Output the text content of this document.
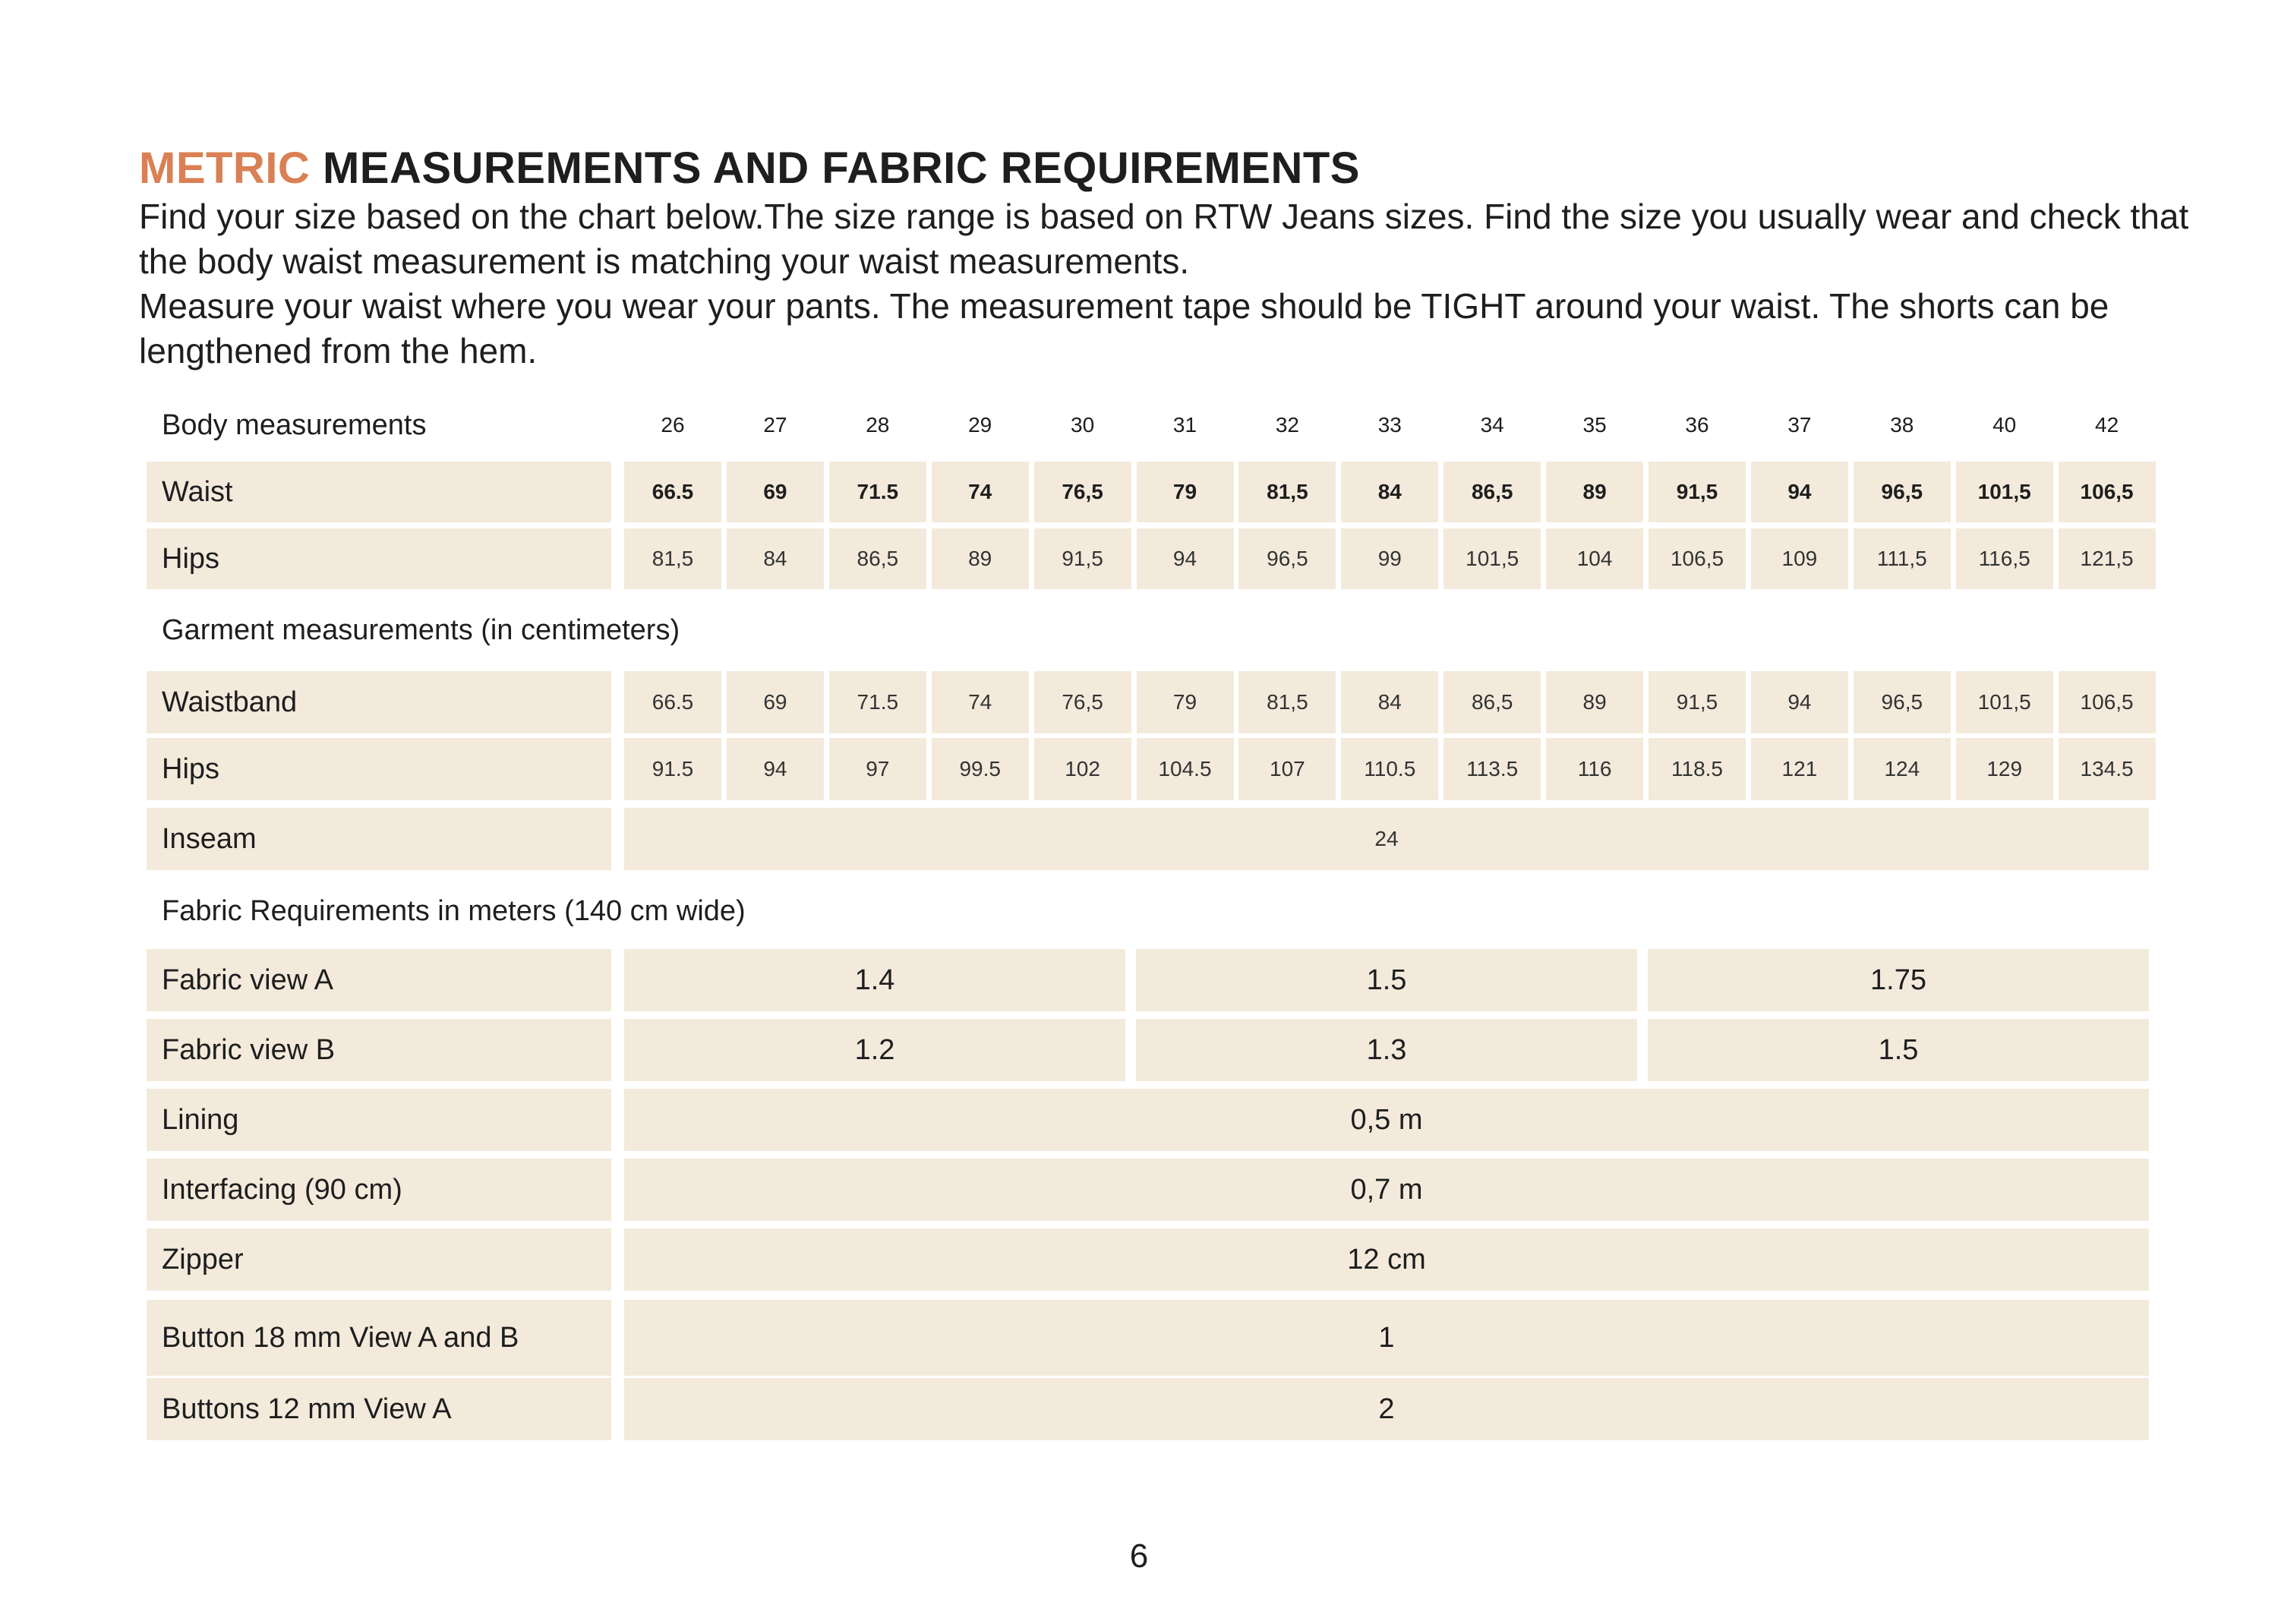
METRIC MEASUREMENTS AND FABRIC REQUIREMENTS

Find your size based on the chart below.The size range is based on RTW Jeans sizes. Find the size you usually wear and check that the body waist measurement is matching your waist measurements.

Measure your waist where you wear your pants. The measurement tape should be TIGHT around your waist. The shorts can be lengthened from the hem.

Body measurements	26	27	28	29	30	31	32	33	34	35	36	37	38	40	42
Waist	66.5	69	71.5	74	76,5	79	81,5	84	86,5	89	91,5	94	96,5	101,5	106,5
Hips	81,5	84	86,5	89	91,5	94	96,5	99	101,5	104	106,5	109	111,5	116,5	121,5
Garment measurements (in centimeters)
Waistband	66.5	69	71.5	74	76,5	79	81,5	84	86,5	89	91,5	94	96,5	101,5	106,5
Hips	91.5	94	97	99.5	102	104.5	107	110.5	113.5	116	118.5	121	124	129	134.5
Inseam	24
Fabric Requirements in meters (140 cm wide)
Fabric view A	1.4	1.5	1.75
Fabric view B	1.2	1.3	1.5
Lining	0,5 m
Interfacing (90 cm)	0,7 m
Zipper	12 cm
Button 18 mm View A and B	1
Buttons 12 mm View A	2
6
